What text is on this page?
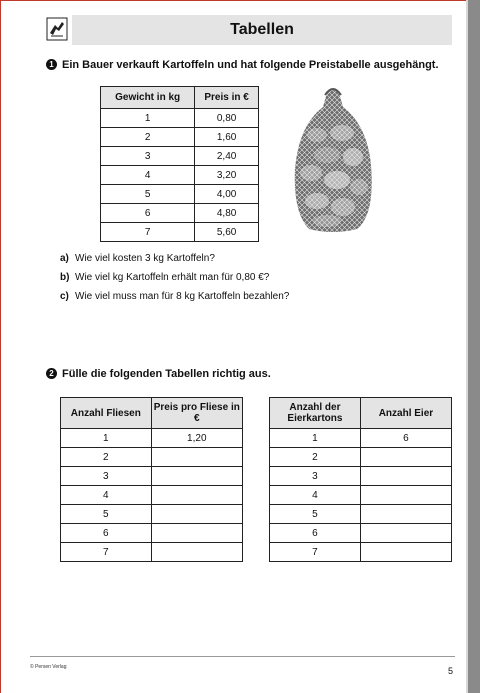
Tabellen
1 Ein Bauer verkauft Kartoffeln und hat folgende Preistabelle ausgehängt.
Gewicht in kg	Preis in €
1	0,80
2	1,60
3	2,40
4	3,20
5	4,00
6	4,80
7	5,60
a) Wie viel kosten 3 kg Kartoffeln?
b) Wie viel kg Kartoffeln erhält man für 0,80 €?
c) Wie viel muss man für 8 kg Kartoffeln bezahlen?
2 Fülle die folgenden Tabellen richtig aus.
Anzahl Fliesen	Preis pro Fliese in €
1	1,20
2	
3	
4	
5	
6	
7	
Anzahl der Eierkartons	Anzahl Eier
1	6
2	
3	
4	
5	
6	
7	
© Persen Verlag	5
